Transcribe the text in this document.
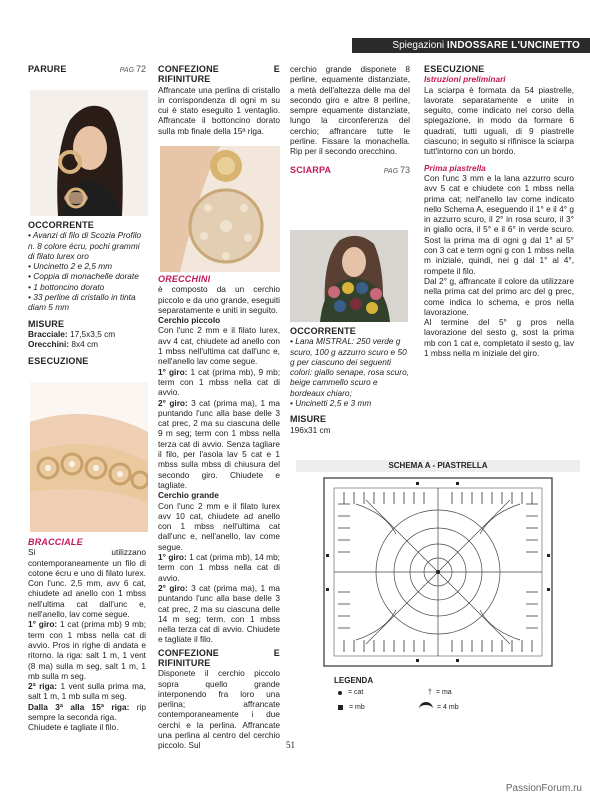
Spiegazioni INDOSSARE L'UNCINETTO
PARURE	PAG 72

OCCORRENTE

• Avanzi di filo di Scozia Profilo n. 8 colore écru, pochi grammi di filato lurex oro

• Uncinetto 2 e 2,5 mm

• Coppia di monachelle dorate

• 1 bottoncino dorato

• 33 perline di cristallo in tinta diam 5 mm

MISURE

Bracciale: 17,5x3,5 cm

Orecchini: 8x4 cm

ESECUZIONE

BRACCIALE

Si utilizzano contemporaneamente un filo di cotone écru e uno di filato lurex. Con l'unc. 2,5 mm, avv 6 cat, chiudete ad anello con 1 mbss nell'ultima cat dall'unc e, nell'anello, lav come segue.

1° giro: 1 cat (prima mb) 9 mb; term con 1 mbss nella cat di avvio. Pros in righe di andata e ritorno. la riga: salt 1 m, 1 vent (8 ma) sulla m seg, salt 1 m, 1 mb sulla m seg.

2ª riga: 1 vent sulla prima ma, salt 1 m, 1 mb sulla m seg.

Dalla 3ª alla 15ª riga: rip sempre la seconda riga.

Chiudete e tagliate il filo.

CONFEZIONE E RIFINITURE

Affrancate una perlina di cristallo in corrispondenza di ogni m su cui è stato eseguito 1 ventaglio. Affrancate il bottoncino dorato sulla mb finale della 15ª riga.

ORECCHINI

è composto da un cerchio piccolo e da uno grande, eseguiti separatamente e uniti in seguito.

Cerchio piccolo

Con l'unc 2 mm e il filato lurex, avv 4 cat, chiudete ad anello con 1 mbss nell'ultima cat dall'unc e, nell'anello lav come segue.

1° giro: 1 cat (prima mb), 9 mb; term con 1 mbss nella cat di avvio.

2° giro: 3 cat (prima ma), 1 ma puntando l'unc alla base delle 3 cat prec, 2 ma su ciascuna delle 9 m seg; term con 1 mbss nella terza cat di avvio. Senza tagliare il filo, per l'asola lav 5 cat e 1 mbss sulla mbss di chiusura del secondo giro. Chiudete e tagliate.

Cerchio grande

Con l'unc 2 mm e il filato lurex avv 10 cat, chiudete ad anello con 1 mbss nell'ultima cat dall'unc e, nell'anello, lav come segue.

1° giro: 1 cat (prima mb), 14 mb; term con 1 mbss nella cat di avvio.

2° giro: 3 cat (prima ma), 1 ma puntando l'unc alla base delle 3 cat prec, 2 ma su ciascuna delle 14 m seg; term. con 1 mbss nella terza cat di avvio. Chiudete e tagliate il filo.

CONFEZIONE E RIFINITURE

Disponete il cerchio piccolo sopra quello grande interponendo fra loro una perlina; affrancate contemporaneamente i due cerchi e la perlina. Affrancate una perlina al centro del cerchio piccolo. Sul

cerchio grande disponete 8 perline, equamente distanziate, a metà dell'altezza delle ma del secondo giro e altre 8 perline, sempre equamente distanziate, lungo la circonferenza del cerchio; affrancare tutte le perline. Fissare la monachella. Rip per il secondo orecchino.

SCIARPA	PAG 73

OCCORRENTE

• Lana MISTRAL: 250 verde g scuro, 100 g azzurro scuro e 50 g per ciascuno dei seguenti colori: giallo senape, rosa scuro, beige cammello scuro e bordeaux chiaro;

• Uncinetti 2,5 e 3 mm

MISURE

196x31 cm

ESECUZIONE

Istruzioni preliminari

La sciarpa è formata da 54 piastrelle, lavorate separatamente e unite in seguito, come indicato nel corso della spiegazione, in modo da formare 6 quadrati, tutti uguali, di 9 piastrelle ciascuno; in seguito si rifinisce la sciarpa tutt'intorno con un bordo.

Prima piastrella

Con l'unc 3 mm e la lana azzurro scuro avv 5 cat e chiudete con 1 mbss nella prima cat; nell'anello lav come indicato nello Schema A, eseguendo il 1° e il 4° g in azzurro scuro, il 2° in rosa scuro, il 3° in giallo ocra, il 5° e il 6° in verde scuro. Sost la prima ma di ogni g dal 1° al 5° con 3 cat e term ogni g con 1 mbss nella m iniziale, quindi, nei g dal 1° al 4°, rompete il filo.

Dal 2° g, affrancate il colore da utilizzare nella prima cat del primo arc del g prec, come indica lo schema, e pros nella lavorazione.

Al termine del 5° g pros nella lavorazione del sesto g, sost la prima mb con 1 cat e, completato il sesto g, lav 1 mbss nella m iniziale del giro.

SCHEMA A - PIASTRELLA
LEGENDA
= cat	† = ma
= mb	= 4 mb
51
PassionForum.ru
